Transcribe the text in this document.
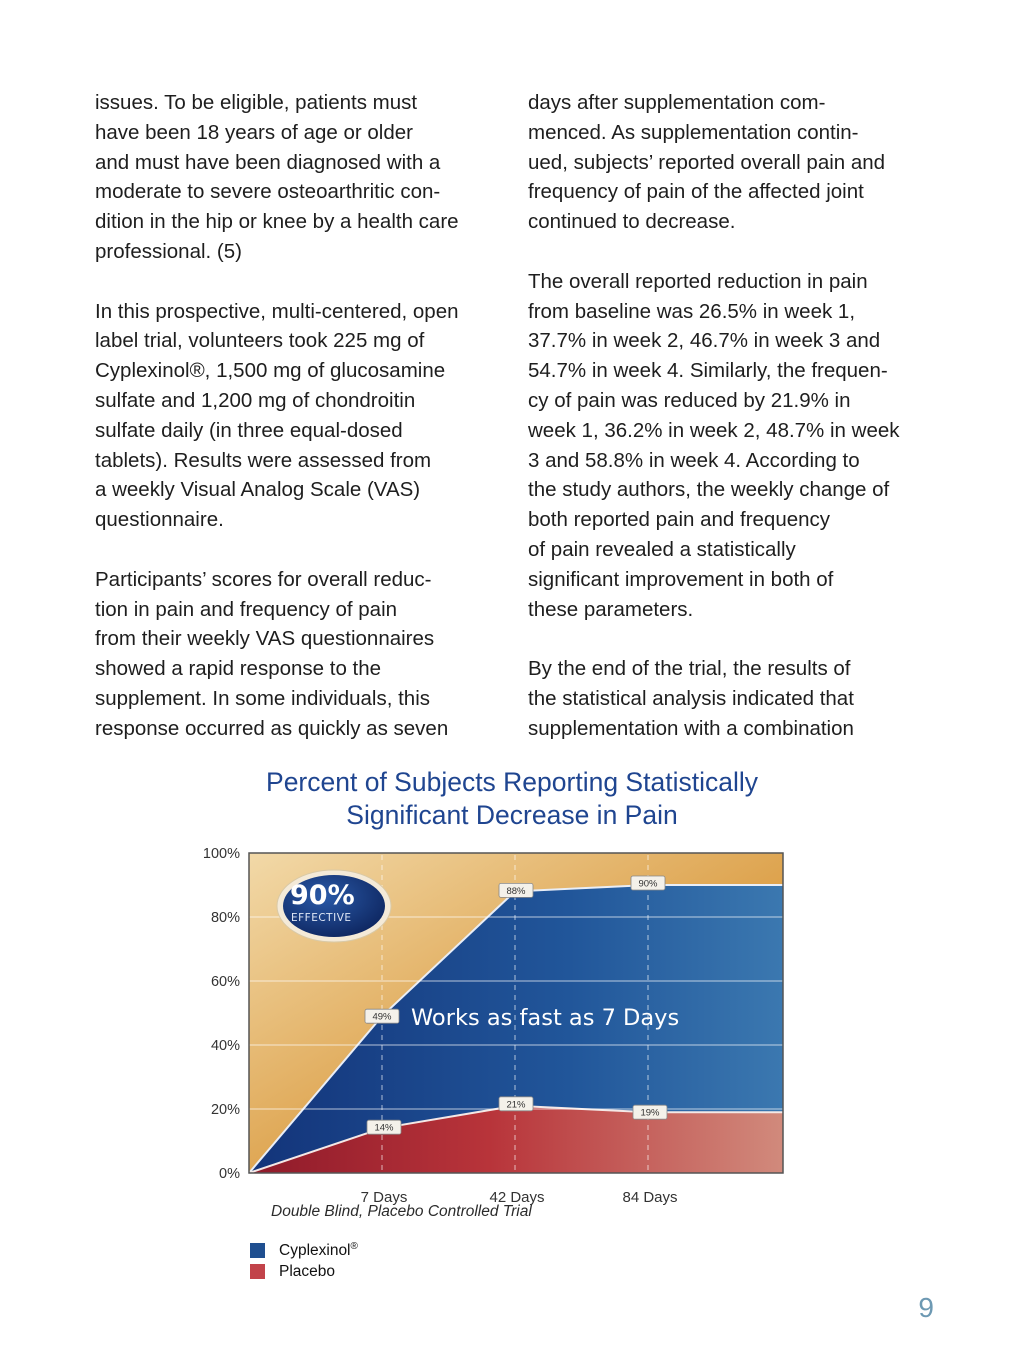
issues. To be eligible, patients must
have been 18 years of age or older
and must have been diagnosed with a
moderate to severe osteoarthritic con-
dition in the hip or knee by a health care
professional. (5)
In this prospective, multi-centered, open
label trial, volunteers took 225 mg of
Cyplexinol®, 1,500 mg of glucosamine
sulfate and 1,200 mg of chondroitin
sulfate daily (in three equal-dosed
tablets). Results were assessed from
a weekly Visual Analog Scale (VAS)
questionnaire.
Participants’ scores for overall reduc-
tion in pain and frequency of pain
from their weekly VAS questionnaires
showed a rapid response to the
supplement. In some individuals, this
response occurred as quickly as seven
days after supplementation com-
menced. As supplementation contin-
ued, subjects’ reported overall pain and
frequency of pain of the affected joint
continued to decrease.
The overall reported reduction in pain
from baseline was 26.5% in week 1,
37.7% in week 2, 46.7% in week 3 and
54.7% in week 4. Similarly, the frequen-
cy of pain was reduced by 21.9% in
week 1, 36.2% in week 2, 48.7% in week
3 and 58.8% in week 4. According to
the study authors, the weekly change of
both reported pain and frequency
of pain revealed a statistically
significant improvement in both of
these parameters.
By the end of the trial, the results of
the statistical analysis indicated that
supplementation with a combination
Percent of Subjects Reporting Statistically
Significant Decrease in Pain
100%
80%
60%
40%
20%
0%
7 Days	42 Days	84 Days
49%
88%
90%
14%
21%
19%
Works as fast as 7 Days
90%
EFFECTIVE
Double Blind, Placebo Controlled Trial
Cyplexinol®
Placebo
9
